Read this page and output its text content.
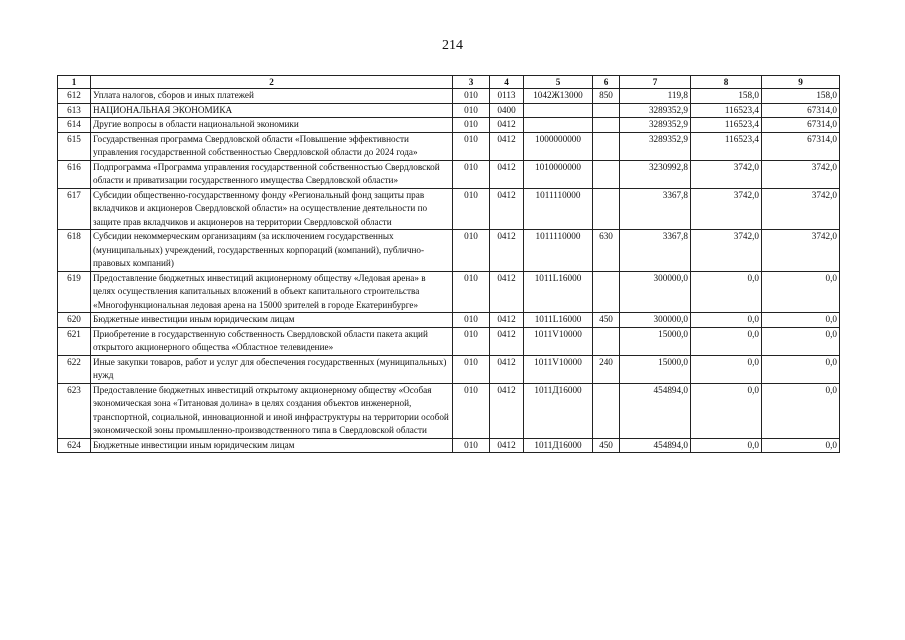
214
1	2	3	4	5	6	7	8	9
612	Уплата налогов, сборов и иных платежей	010	0113	1042Ж13000	850	119,8	158,0	158,0
613	НАЦИОНАЛЬНАЯ ЭКОНОМИКА	010	0400			3289352,9	116523,4	67314,0
614	Другие вопросы в области национальной экономики	010	0412			3289352,9	116523,4	67314,0
615	Государственная программа Свердловской области «Повышение эффективности управления государственной собственностью Свердловской области до 2024 года»	010	0412	1000000000		3289352,9	116523,4	67314,0
616	Подпрограмма «Программа управления государственной собственностью Свердловской области и приватизации государственного имущества Свердловской области»	010	0412	1010000000		3230992,8	3742,0	3742,0
617	Субсидии общественно-государственному фонду «Региональный фонд защиты прав вкладчиков и акционеров Свердловской области» на осуществление деятельности по защите прав вкладчиков и акционеров на территории Свердловской области	010	0412	1011110000		3367,8	3742,0	3742,0
618	Субсидии некоммерческим организациям (за исключением государственных (муниципальных) учреждений, государственных корпораций (компаний), публично-правовых компаний)	010	0412	1011110000	630	3367,8	3742,0	3742,0
619	Предоставление бюджетных инвестиций акционерному обществу «Ледовая арена» в целях осуществления капитальных вложений в объект капитального строительства «Многофункциональная ледовая арена на 15000 зрителей в городе Екатеринбурге»	010	0412	1011L16000		300000,0	0,0	0,0
620	Бюджетные инвестиции иным юридическим лицам	010	0412	1011L16000	450	300000,0	0,0	0,0
621	Приобретение в государственную собственность Свердловской области пакета акций открытого акционерного общества «Областное телевидение»	010	0412	1011V10000		15000,0	0,0	0,0
622	Иные закупки товаров, работ и услуг для обеспечения государственных (муниципальных) нужд	010	0412	1011V10000	240	15000,0	0,0	0,0
623	Предоставление бюджетных инвестиций открытому акционерному обществу «Особая экономическая зона «Титановая долина» в целях создания объектов инженерной, транспортной, социальной, инновационной и иной инфраструктуры на территории особой экономической зоны промышленно-производственного типа в Свердловской области	010	0412	1011Д16000		454894,0	0,0	0,0
624	Бюджетные инвестиции иным юридическим лицам	010	0412	1011Д16000	450	454894,0	0,0	0,0
